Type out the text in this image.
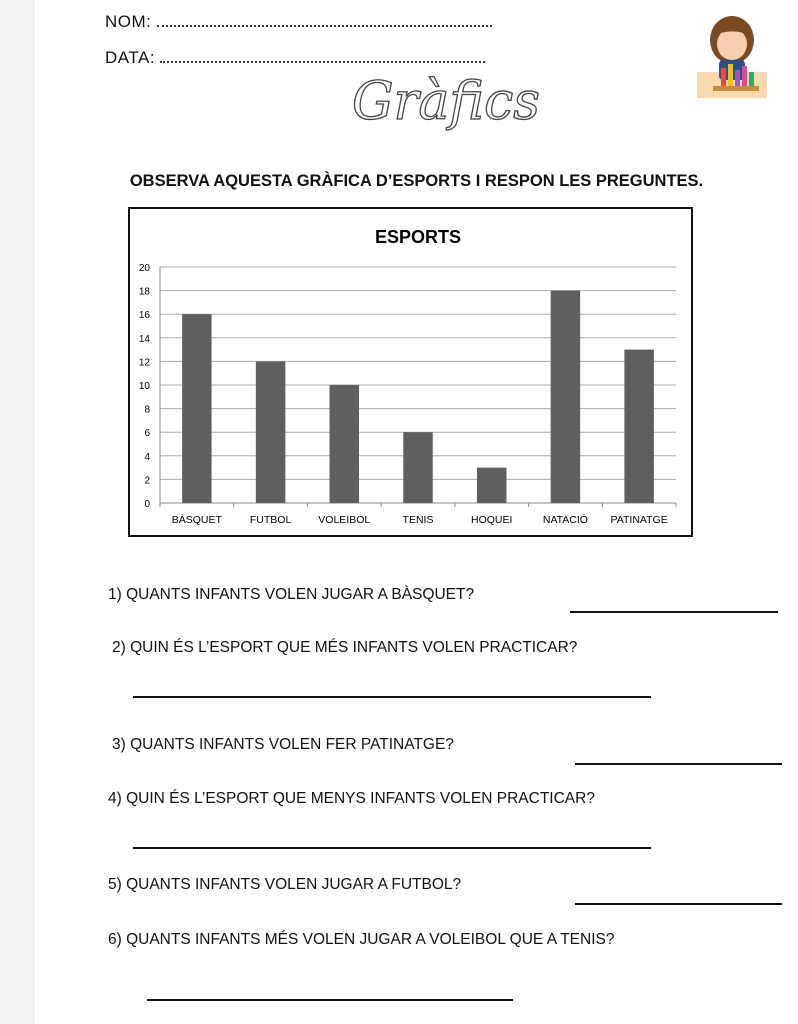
NOM:
DATA:
Gràfics
OBSERVA AQUESTA GRÀFICA D’ESPORTS I RESPON LES PREGUNTES.
ESPORTS
0
2
4
6
8
10
12
14
16
18
20
BÀSQUET	FUTBOL	VOLEIBOL	TENIS	HOQUEI	NATACIÓ PATINATGE
1) QUANTS INFANTS VOLEN JUGAR A BÀSQUET?
2) QUIN ÉS L’ESPORT QUE MÉS INFANTS VOLEN PRACTICAR?
3) QUANTS INFANTS VOLEN FER PATINATGE?
4) QUIN ÉS L’ESPORT QUE MENYS INFANTS VOLEN PRACTICAR?
5) QUANTS INFANTS VOLEN JUGAR A FUTBOL?
6) QUANTS INFANTS MÉS VOLEN JUGAR A VOLEIBOL QUE A TENIS?
